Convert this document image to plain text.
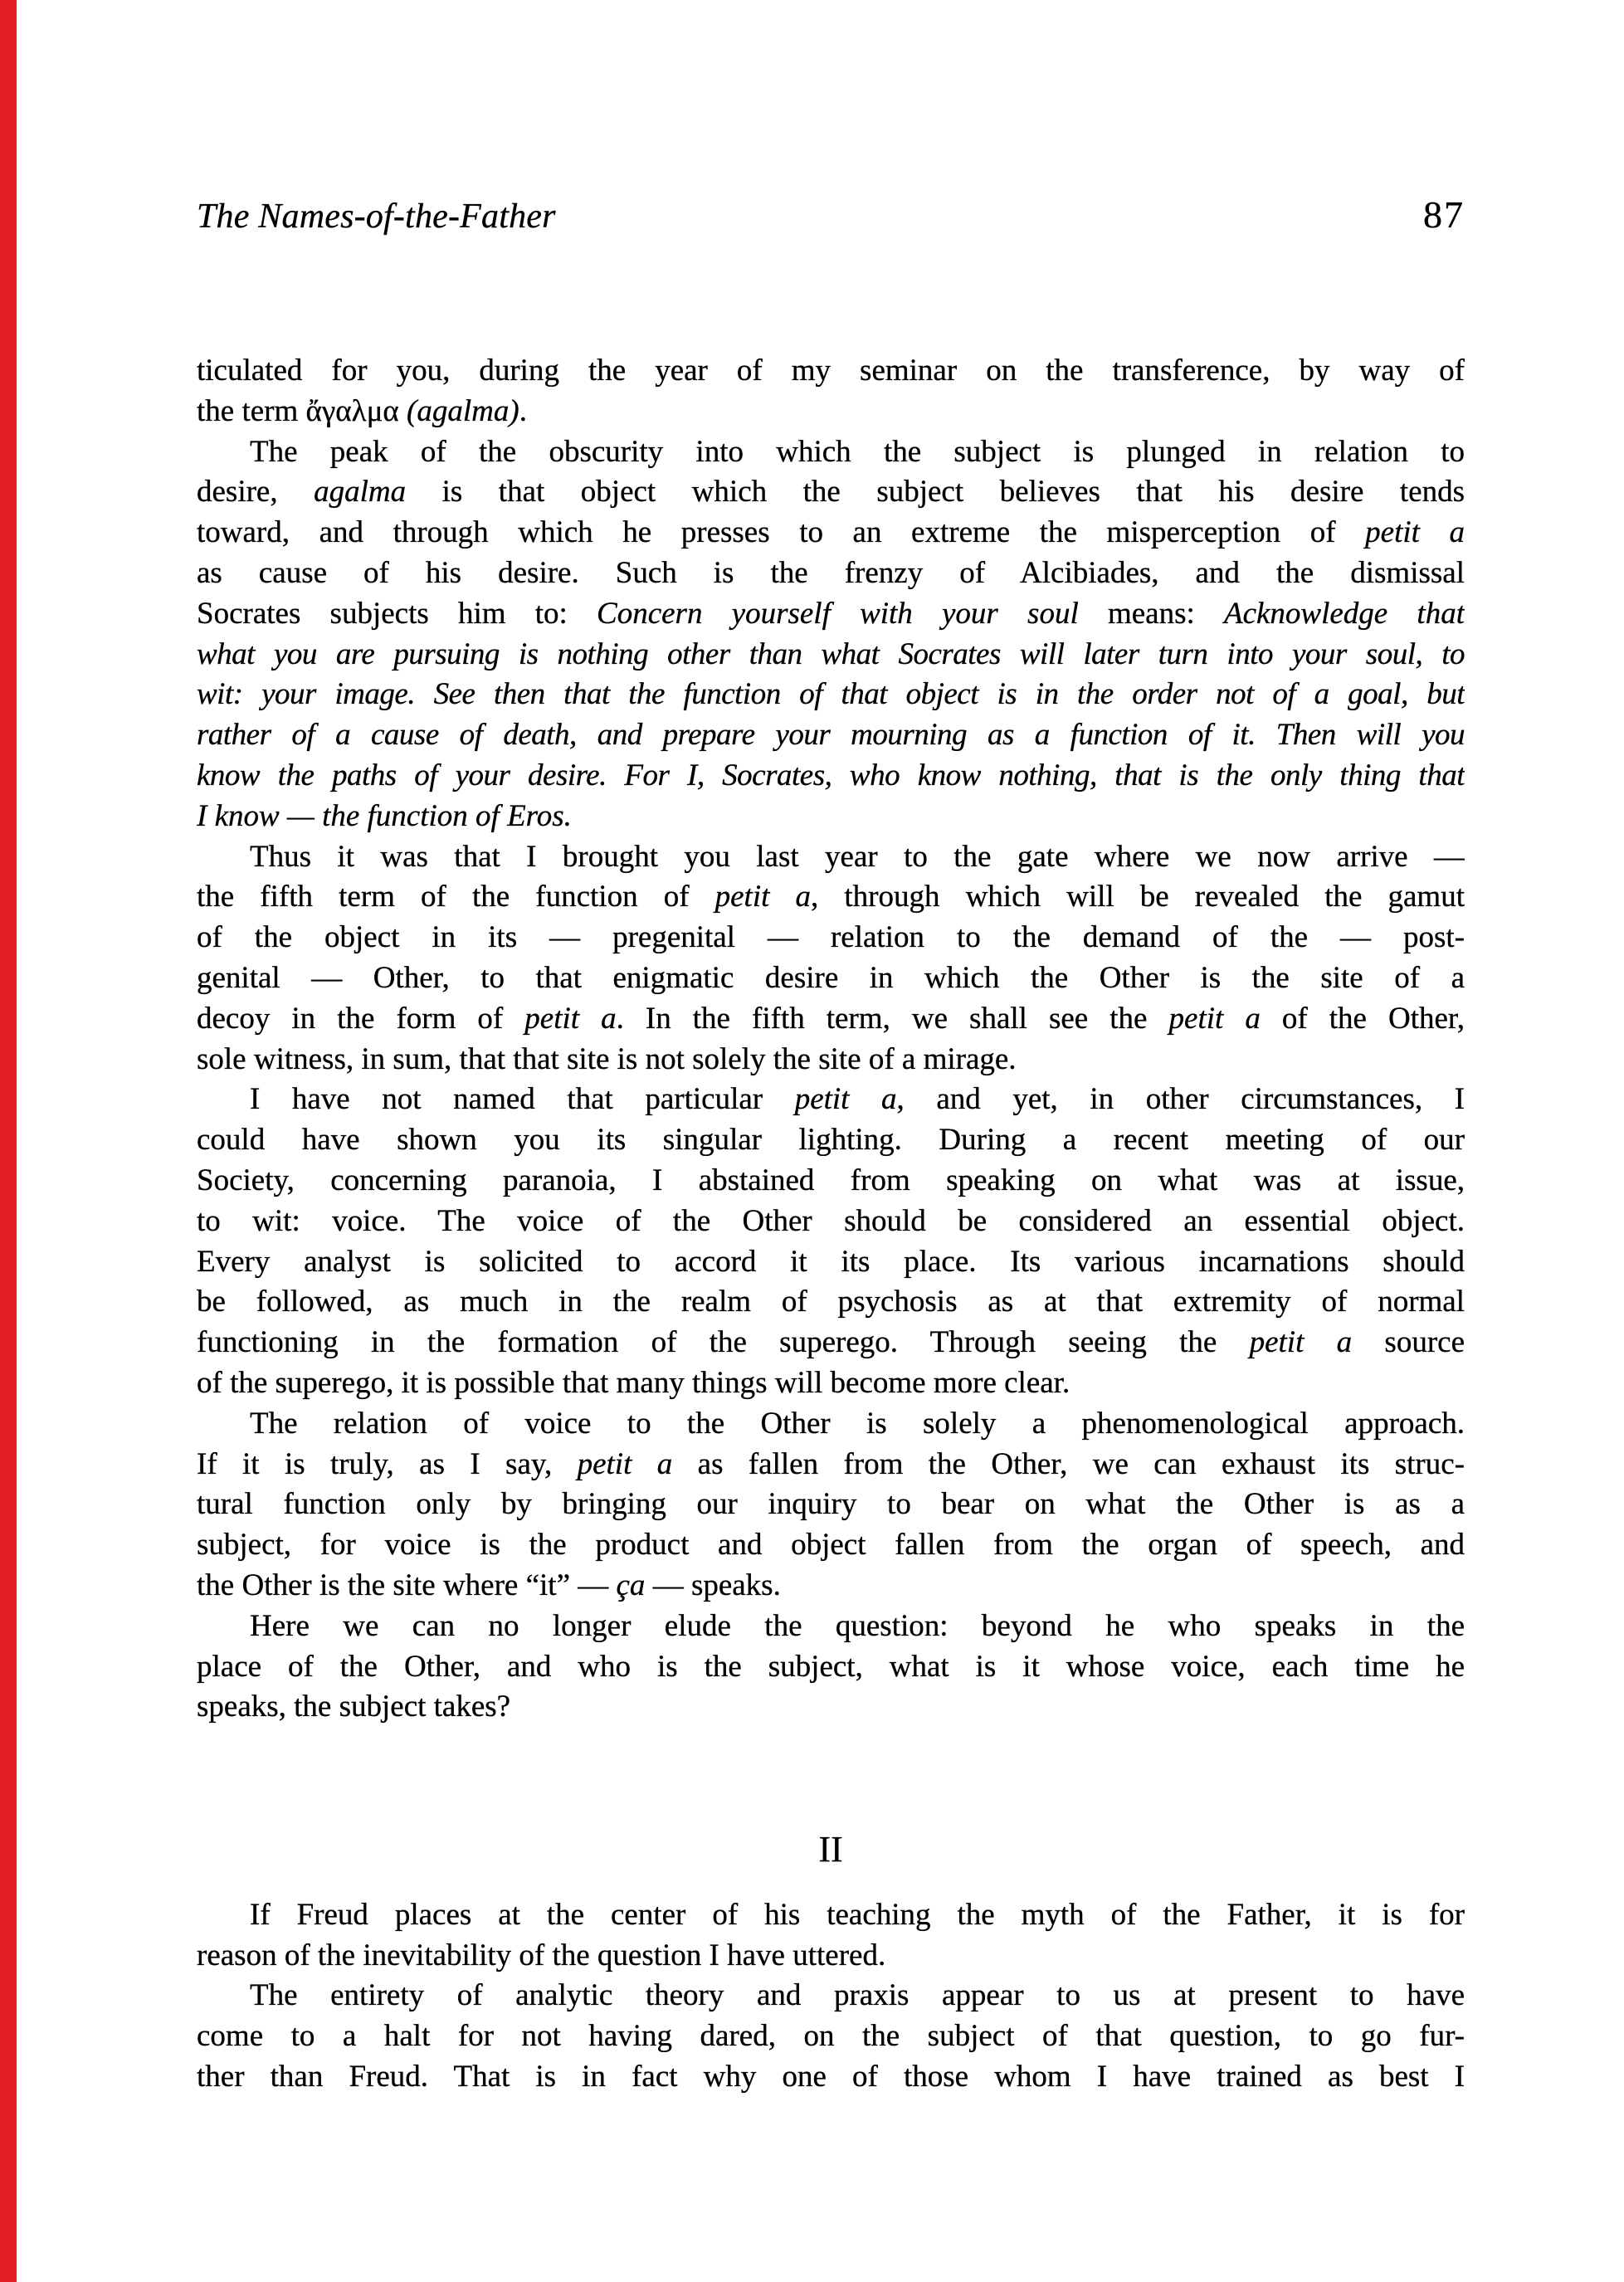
The Names-of-the-Father	87
ticulated for you, during the year of my seminar on the transference, by way of
the term ἄγαλμα (agalma).
The peak of the obscurity into which the subject is plunged in relation to
desire, agalma is that object which the subject believes that his desire tends
toward, and through which he presses to an extreme the misperception of petit a
as cause of his desire. Such is the frenzy of Alcibiades, and the dismissal
Socrates subjects him to: Concern yourself with your soul means: Acknowledge that
what you are pursuing is nothing other than what Socrates will later turn into your soul, to
wit: your image. See then that the function of that object is in the order not of a goal, but
rather of a cause of death, and prepare your mourning as a function of it. Then will you
know the paths of your desire. For I, Socrates, who know nothing, that is the only thing that
I know — the function of Eros.
Thus it was that I brought you last year to the gate where we now arrive —
the fifth term of the function of petit a, through which will be revealed the gamut
of the object in its — pregenital — relation to the demand of the — post-
genital — Other, to that enigmatic desire in which the Other is the site of a
decoy in the form of petit a. In the fifth term, we shall see the petit a of the Other,
sole witness, in sum, that that site is not solely the site of a mirage.
I have not named that particular petit a, and yet, in other circumstances, I
could have shown you its singular lighting. During a recent meeting of our
Society, concerning paranoia, I abstained from speaking on what was at issue,
to wit: voice. The voice of the Other should be considered an essential object.
Every analyst is solicited to accord it its place. Its various incarnations should
be followed, as much in the realm of psychosis as at that extremity of normal
functioning in the formation of the superego. Through seeing the petit a source
of the superego, it is possible that many things will become more clear.
The relation of voice to the Other is solely a phenomenological approach.
If it is truly, as I say, petit a as fallen from the Other, we can exhaust its struc-
tural function only by bringing our inquiry to bear on what the Other is as a
subject, for voice is the product and object fallen from the organ of speech, and
the Other is the site where “it” — ça — speaks.
Here we can no longer elude the question: beyond he who speaks in the
place of the Other, and who is the subject, what is it whose voice, each time he
speaks, the subject takes?
II
If Freud places at the center of his teaching the myth of the Father, it is for
reason of the inevitability of the question I have uttered.
The entirety of analytic theory and praxis appear to us at present to have
come to a halt for not having dared, on the subject of that question, to go fur-
ther than Freud. That is in fact why one of those whom I have trained as best I
